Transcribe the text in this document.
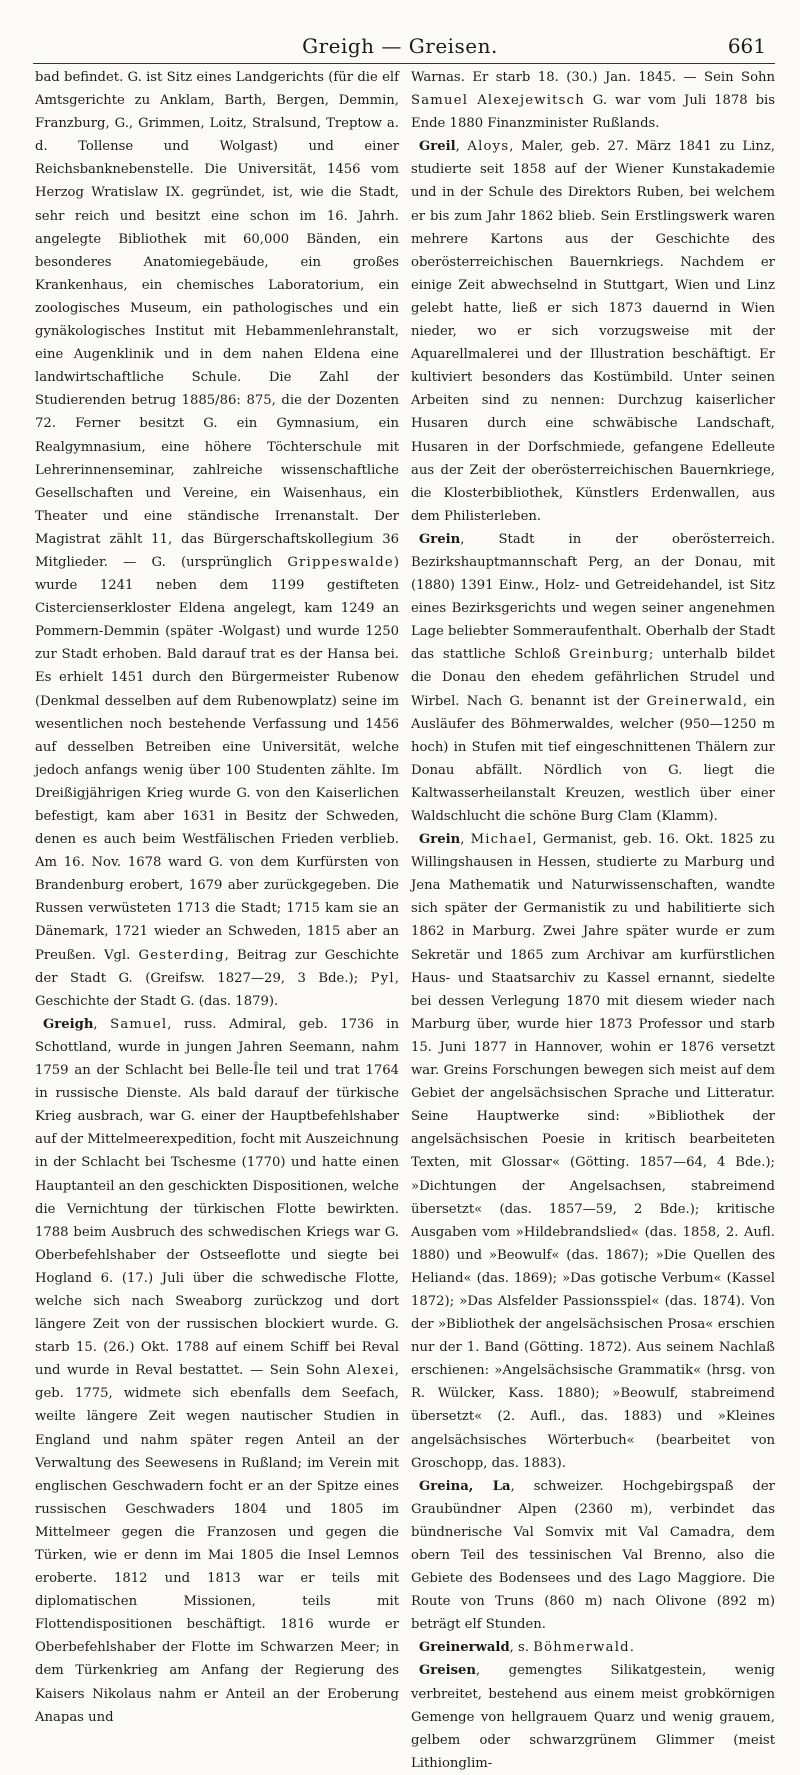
Greigh — Greisen.	661

bad befindet. G. ist Sitz eines Landgerichts (für die elf Amtsgerichte zu Anklam, Barth, Bergen, Demmin, Franzburg, G., Grimmen, Loitz, Stralsund, Treptow a. d. Tollense und Wolgast) und einer Reichsbanknebenstelle. Die Universität, 1456 vom Herzog Wratislaw IX. gegründet, ist, wie die Stadt, sehr reich und besitzt eine schon im 16. Jahrh. angelegte Bibliothek mit 60,000 Bänden, ein besonderes Anatomiegebäude, ein großes Krankenhaus, ein chemisches Laboratorium, ein zoologisches Museum, ein pathologisches und ein gynäkologisches Institut mit Hebammenlehranstalt, eine Augenklinik und in dem nahen Eldena eine landwirtschaftliche Schule. Die Zahl der Studierenden betrug 1885/86: 875, die der Dozenten 72. Ferner besitzt G. ein Gymnasium, ein Realgymnasium, eine höhere Töchterschule mit Lehrerinnenseminar, zahlreiche wissenschaftliche Gesellschaften und Vereine, ein Waisenhaus, ein Theater und eine ständische Irrenanstalt. Der Magistrat zählt 11, das Bürgerschaftskollegium 36 Mitglieder. — G. (ursprünglich Grippeswalde) wurde 1241 neben dem 1199 gestifteten Cistercienserkloster Eldena angelegt, kam 1249 an Pommern-Demmin (später -Wolgast) und wurde 1250 zur Stadt erhoben. Bald darauf trat es der Hansa bei. Es erhielt 1451 durch den Bürgermeister Rubenow (Denkmal desselben auf dem Rubenowplatz) seine im wesentlichen noch bestehende Verfassung und 1456 auf desselben Betreiben eine Universität, welche jedoch anfangs wenig über 100 Studenten zählte. Im Dreißigjährigen Krieg wurde G. von den Kaiserlichen befestigt, kam aber 1631 in Besitz der Schweden, denen es auch beim Westfälischen Frieden verblieb. Am 16. Nov. 1678 ward G. von dem Kurfürsten von Brandenburg erobert, 1679 aber zurückgegeben. Die Russen verwüsteten 1713 die Stadt; 1715 kam sie an Dänemark, 1721 wieder an Schweden, 1815 aber an Preußen. Vgl. Gesterding, Beitrag zur Geschichte der Stadt G. (Greifsw. 1827—29, 3 Bde.); Pyl, Geschichte der Stadt G. (das. 1879).

Greigh, Samuel, russ. Admiral, geb. 1736 in Schottland, wurde in jungen Jahren Seemann, nahm 1759 an der Schlacht bei Belle-Île teil und trat 1764 in russische Dienste. Als bald darauf der türkische Krieg ausbrach, war G. einer der Hauptbefehlshaber auf der Mittelmeerexpedition, focht mit Auszeichnung in der Schlacht bei Tschesme (1770) und hatte einen Hauptanteil an den geschickten Dispositionen, welche die Vernichtung der türkischen Flotte bewirkten. 1788 beim Ausbruch des schwedischen Kriegs war G. Oberbefehlshaber der Ostseeflotte und siegte bei Hogland 6. (17.) Juli über die schwedische Flotte, welche sich nach Sweaborg zurückzog und dort längere Zeit von der russischen blockiert wurde. G. starb 15. (26.) Okt. 1788 auf einem Schiff bei Reval und wurde in Reval bestattet. — Sein Sohn Alexei, geb. 1775, widmete sich ebenfalls dem Seefach, weilte längere Zeit wegen nautischer Studien in England und nahm später regen Anteil an der Verwaltung des Seewesens in Rußland; im Verein mit englischen Geschwadern focht er an der Spitze eines russischen Geschwaders 1804 und 1805 im Mittelmeer gegen die Franzosen und gegen die Türken, wie er denn im Mai 1805 die Insel Lemnos eroberte. 1812 und 1813 war er teils mit diplomatischen Missionen, teils mit Flottendispositionen beschäftigt. 1816 wurde er Oberbefehlshaber der Flotte im Schwarzen Meer; in dem Türkenkrieg am Anfang der Regierung des Kaisers Nikolaus nahm er Anteil an der Eroberung Anapas und

Warnas. Er starb 18. (30.) Jan. 1845. — Sein Sohn Samuel Alexejewitsch G. war vom Juli 1878 bis Ende 1880 Finanzminister Rußlands.

Greil, Aloys, Maler, geb. 27. März 1841 zu Linz, studierte seit 1858 auf der Wiener Kunstakademie und in der Schule des Direktors Ruben, bei welchem er bis zum Jahr 1862 blieb. Sein Erstlingswerk waren mehrere Kartons aus der Geschichte des oberösterreichischen Bauernkriegs. Nachdem er einige Zeit abwechselnd in Stuttgart, Wien und Linz gelebt hatte, ließ er sich 1873 dauernd in Wien nieder, wo er sich vorzugsweise mit der Aquarellmalerei und der Illustration beschäftigt. Er kultiviert besonders das Kostümbild. Unter seinen Arbeiten sind zu nennen: Durchzug kaiserlicher Husaren durch eine schwäbische Landschaft, Husaren in der Dorfschmiede, gefangene Edelleute aus der Zeit der oberösterreichischen Bauernkriege, die Klosterbibliothek, Künstlers Erdenwallen, aus dem Philisterleben.

Grein, Stadt in der oberösterreich. Bezirkshauptmannschaft Perg, an der Donau, mit (1880) 1391 Einw., Holz- und Getreidehandel, ist Sitz eines Bezirksgerichts und wegen seiner angenehmen Lage beliebter Sommeraufenthalt. Oberhalb der Stadt das stattliche Schloß Greinburg; unterhalb bildet die Donau den ehedem gefährlichen Strudel und Wirbel. Nach G. benannt ist der Greinerwald, ein Ausläufer des Böhmerwaldes, welcher (950—1250 m hoch) in Stufen mit tief eingeschnittenen Thälern zur Donau abfällt. Nördlich von G. liegt die Kaltwasserheilanstalt Kreuzen, westlich über einer Waldschlucht die schöne Burg Clam (Klamm).

Grein, Michael, Germanist, geb. 16. Okt. 1825 zu Willingshausen in Hessen, studierte zu Marburg und Jena Mathematik und Naturwissenschaften, wandte sich später der Germanistik zu und habilitierte sich 1862 in Marburg. Zwei Jahre später wurde er zum Sekretär und 1865 zum Archivar am kurfürstlichen Haus- und Staatsarchiv zu Kassel ernannt, siedelte bei dessen Verlegung 1870 mit diesem wieder nach Marburg über, wurde hier 1873 Professor und starb 15. Juni 1877 in Hannover, wohin er 1876 versetzt war. Greins Forschungen bewegen sich meist auf dem Gebiet der angelsächsischen Sprache und Litteratur. Seine Hauptwerke sind: »Bibliothek der angelsächsischen Poesie in kritisch bearbeiteten Texten, mit Glossar« (Götting. 1857—64, 4 Bde.); »Dichtungen der Angelsachsen, stabreimend übersetzt« (das. 1857—59, 2 Bde.); kritische Ausgaben vom »Hildebrandslied« (das. 1858, 2. Aufl. 1880) und »Beowulf« (das. 1867); »Die Quellen des Heliand« (das. 1869); »Das gotische Verbum« (Kassel 1872); »Das Alsfelder Passionsspiel« (das. 1874). Von der »Bibliothek der angelsächsischen Prosa« erschien nur der 1. Band (Götting. 1872). Aus seinem Nachlaß erschienen: »Angelsächsische Grammatik« (hrsg. von R. Wülcker, Kass. 1880); »Beowulf, stabreimend übersetzt« (2. Aufl., das. 1883) und »Kleines angelsächsisches Wörterbuch« (bearbeitet von Groschopp, das. 1883).

Greina, La, schweizer. Hochgebirgspaß der Graubündner Alpen (2360 m), verbindet das bündnerische Val Somvix mit Val Camadra, dem obern Teil des tessinischen Val Brenno, also die Gebiete des Bodensees und des Lago Maggiore. Die Route von Truns (860 m) nach Olivone (892 m) beträgt elf Stunden.

Greinerwald, s. Böhmerwald.

Greisen, gemengtes Silikatgestein, wenig verbreitet, bestehend aus einem meist grobkörnigen Gemenge von hellgrauem Quarz und wenig grauem, gelbem oder schwarzgrünem Glimmer (meist Lithionglim-
